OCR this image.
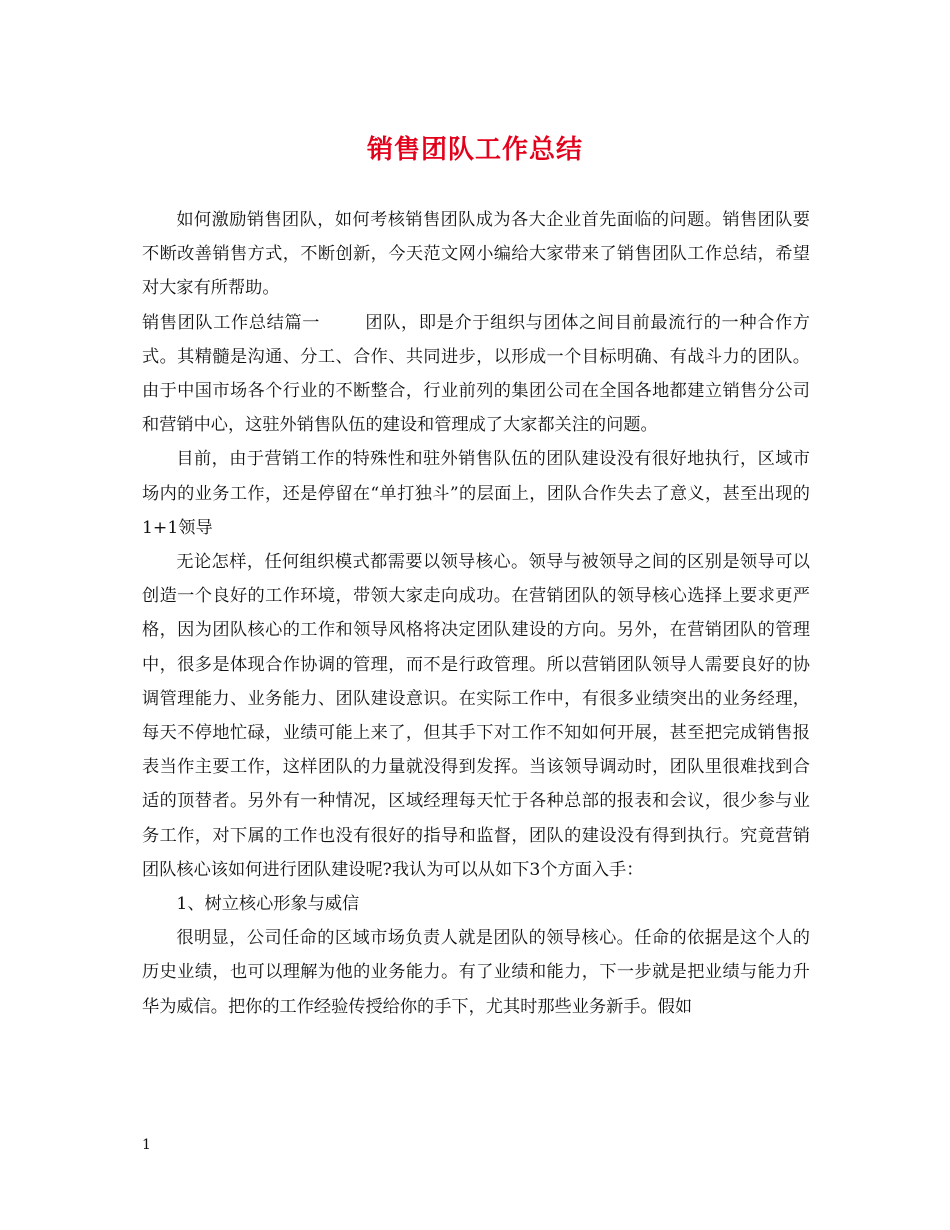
销售团队工作总结

如何激励销售团队，如何考核销售团队成为各大企业首先面临的问题。销售团队要不断改善销售方式，不断创新，今天范文网小编给大家带来了销售团队工作总结，希望对大家有所帮助。

销售团队工作总结篇一	团队，即是介于组织与团体之间目前最流行的一种合作方式。其精髓是沟通、分工、合作、共同进步，以形成一个目标明确、有战斗力的团队。由于中国市场各个行业的不断整合，行业前列的集团公司在全国各地都建立销售分公司和营销中心，这驻外销售队伍的建设和管理成了大家都关注的问题。

目前，由于营销工作的特殊性和驻外销售队伍的团队建设没有很好地执行，区域市场内的业务工作，还是停留在“单打独斗”的层面上，团队合作失去了意义，甚至出现的1+1领导

无论怎样，任何组织模式都需要以领导核心。领导与被领导之间的区别是领导可以创造一个良好的工作环境，带领大家走向成功。在营销团队的领导核心选择上要求更严格，因为团队核心的工作和领导风格将决定团队建设的方向。另外，在营销团队的管理中，很多是体现合作协调的管理，而不是行政管理。所以营销团队领导人需要良好的协调管理能力、业务能力、团队建设意识。在实际工作中，有很多业绩突出的业务经理，每天不停地忙碌，业绩可能上来了，但其手下对工作不知如何开展，甚至把完成销售报表当作主要工作，这样团队的力量就没得到发挥。当该领导调动时，团队里很难找到合适的顶替者。另外有一种情况，区域经理每天忙于各种总部的报表和会议，很少参与业务工作，对下属的工作也没有很好的指导和监督，团队的建设没有得到执行。究竟营销团队核心该如何进行团队建设呢?我认为可以从如下3个方面入手：

1、树立核心形象与威信

很明显，公司任命的区域市场负责人就是团队的领导核心。任命的依据是这个人的历史业绩，也可以理解为他的业务能力。有了业绩和能力，下一步就是把业绩与能力升华为威信。把你的工作经验传授给你的手下，尤其时那些业务新手。假如

1
